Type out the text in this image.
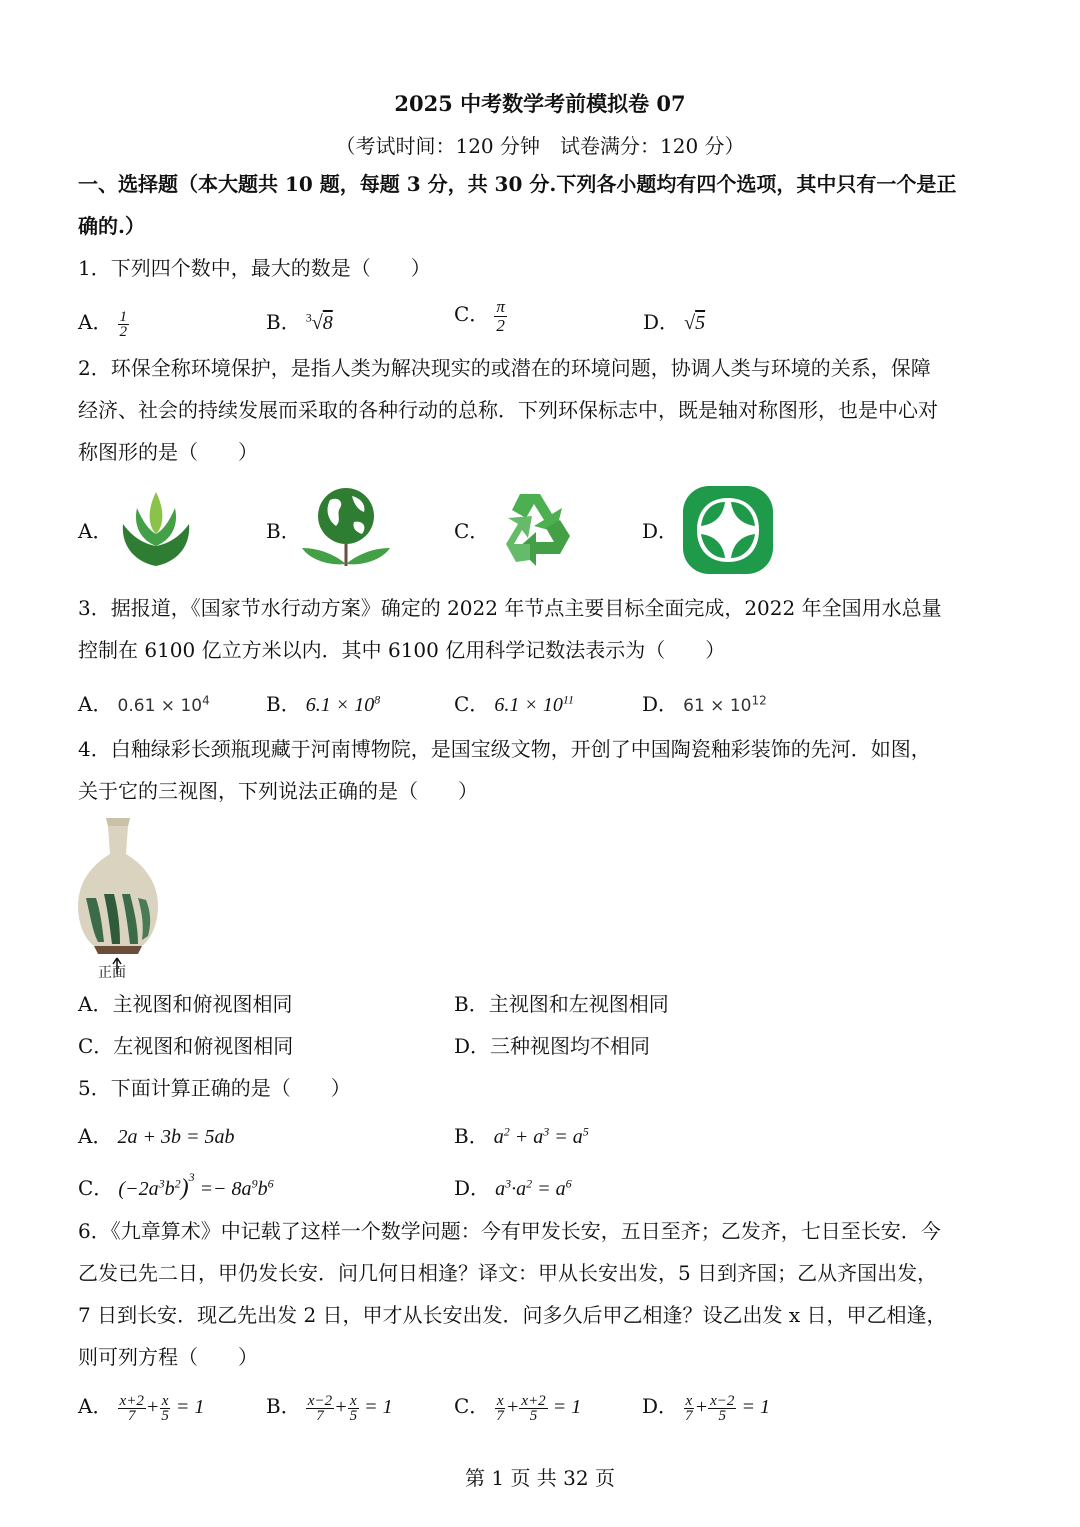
2025 中考数学考前模拟卷 07
（考试时间：120 分钟　试卷满分：120 分）
一、选择题（本大题共 10 题，每题 3 分，共 30 分.下列各小题均有四个选项，其中只有一个是正
确的.）
1．下列四个数中，最大的数是（　　）
A． $\frac{1}{2}$	B． $^3$√8	C． $\frac{\pi}{2}$	D． √5
2．环保全称环境保护，是指人类为解决现实的或潜在的环境问题，协调人类与环境的关系，保障
经济、社会的持续发展而采取的各种行动的总称．下列环保标志中，既是轴对称图形，也是中心对
称图形的是（　　）
A．	B．	C．	D．
3．据报道，《国家节水行动方案》确定的 2022 年节点主要目标全面完成，2022 年全国用水总量
控制在 6100 亿立方米以内．其中 6100 亿用科学记数法表示为（　　）
A． $0.61 \times 10^4$	B． $6.1 \times 10^8$	C． $6.1 \times 10^{11}$	D． $61 \times 10^{12}$
4．白釉绿彩长颈瓶现藏于河南博物院，是国宝级文物，开创了中国陶瓷釉彩装饰的先河．如图，
关于它的三视图，下列说法正确的是（　　）
正面
A．主视图和俯视图相同	B．主视图和左视图相同
C．左视图和俯视图相同	D．三种视图均不相同
5．下面计算正确的是（　　）
A． 2a + 3b = 5ab	B． $a^2 + a^3 = a^5$
C． $(-2a^3b^2)^3 =- 8a^9b^6$	D． $a^3\cdot a^2 = a^6$
6．《九章算术》中记载了这样一个数学问题：今有甲发长安，五日至齐；乙发齐，七日至长安．今
乙发已先二日，甲仍发长安．问几何日相逢？译文：甲从长安出发，5 日到齐国；乙从齐国出发，
7 日到长安．现乙先出发 2 日，甲才从长安出发．问多久后甲乙相逢？设乙出发 x 日，甲乙相逢，
则可列方程（　　）
A． $\frac{x+2}{7} + \frac{x}{5} = 1$	B． $\frac{x-2}{7} + \frac{x}{5} = 1$	C． $\frac{x}{7} + \frac{x+2}{5} = 1$	D． $\frac{x}{7} + \frac{x-2}{5} = 1$
第 1 页 共 32 页
